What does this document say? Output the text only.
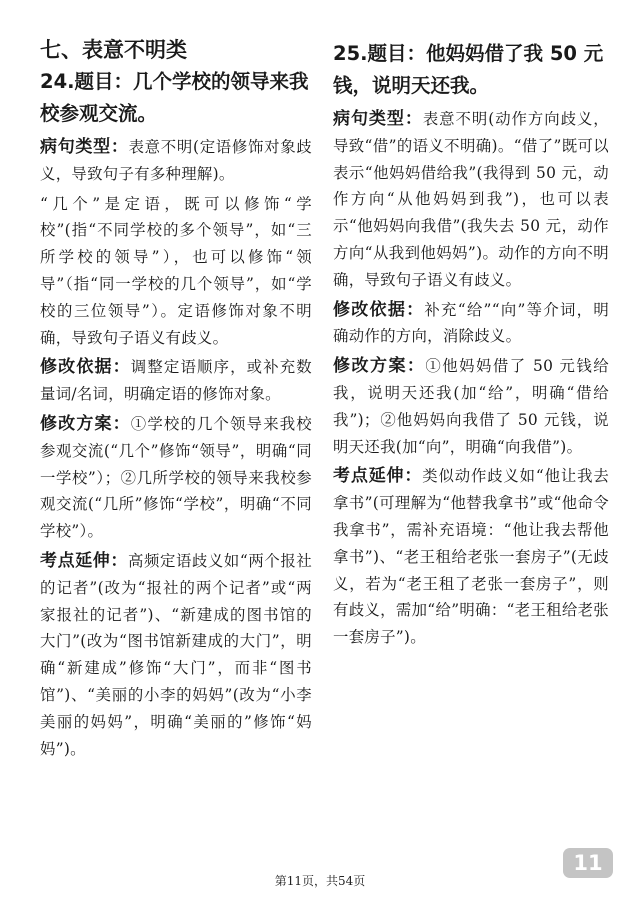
七、表意不明类
24.题目：几个学校的领导来我校参观交流。

病句类型：表意不明(定语修饰对象歧义，导致句子有多种理解)。

“几个”是定语，既可以修饰“学校”(指“不同学校的多个领导”，如“三所学校的领导”），也可以修饰“领导”（指“同一学校的几个领导”，如“学校的三位领导”）。定语修饰对象不明确，导致句子语义有歧义。

修改依据：调整定语顺序，或补充数量词/名词，明确定语的修饰对象。

修改方案：①学校的几个领导来我校参观交流(“几个”修饰“领导”，明确“同一学校”）；②几所学校的领导来我校参观交流(“几所”修饰“学校”，明确“不同学校”）。

考点延伸：高频定语歧义如“两个报社的记者”(改为“报社的两个记者”或“两家报社的记者”)、“新建成的图书馆的大门”(改为“图书馆新建成的大门”，明确“新建成”修饰“大门”，而非“图书馆”)、“美丽的小李的妈妈”(改为“小李美丽的妈妈”，明确“美丽的”修饰“妈妈”)。

25.题目：他妈妈借了我 50 元钱，说明天还我。

病句类型：表意不明(动作方向歧义，导致“借”的语义不明确)。“借了”既可以表示“他妈妈借给我”(我得到 50 元，动作方向“从他妈妈到我”)，也可以表示“他妈妈向我借”(我失去 50 元，动作方向“从我到他妈妈”)。动作的方向不明确，导致句子语义有歧义。

修改依据：补充“给”“向”等介词，明确动作的方向，消除歧义。

修改方案：①他妈妈借了 50 元钱给我，说明天还我(加“给”，明确“借给我”)；②他妈妈向我借了 50 元钱，说明天还我(加“向”，明确“向我借”)。

考点延伸：类似动作歧义如“他让我去拿书”(可理解为“他替我拿书”或“他命令我拿书”，需补充语境：“他让我去帮他拿书”)、“老王租给老张一套房子”(无歧义，若为“老王租了老张一套房子”，则有歧义，需加“给”明确：“老王租给老张一套房子”)。

11
第11页，共54页
